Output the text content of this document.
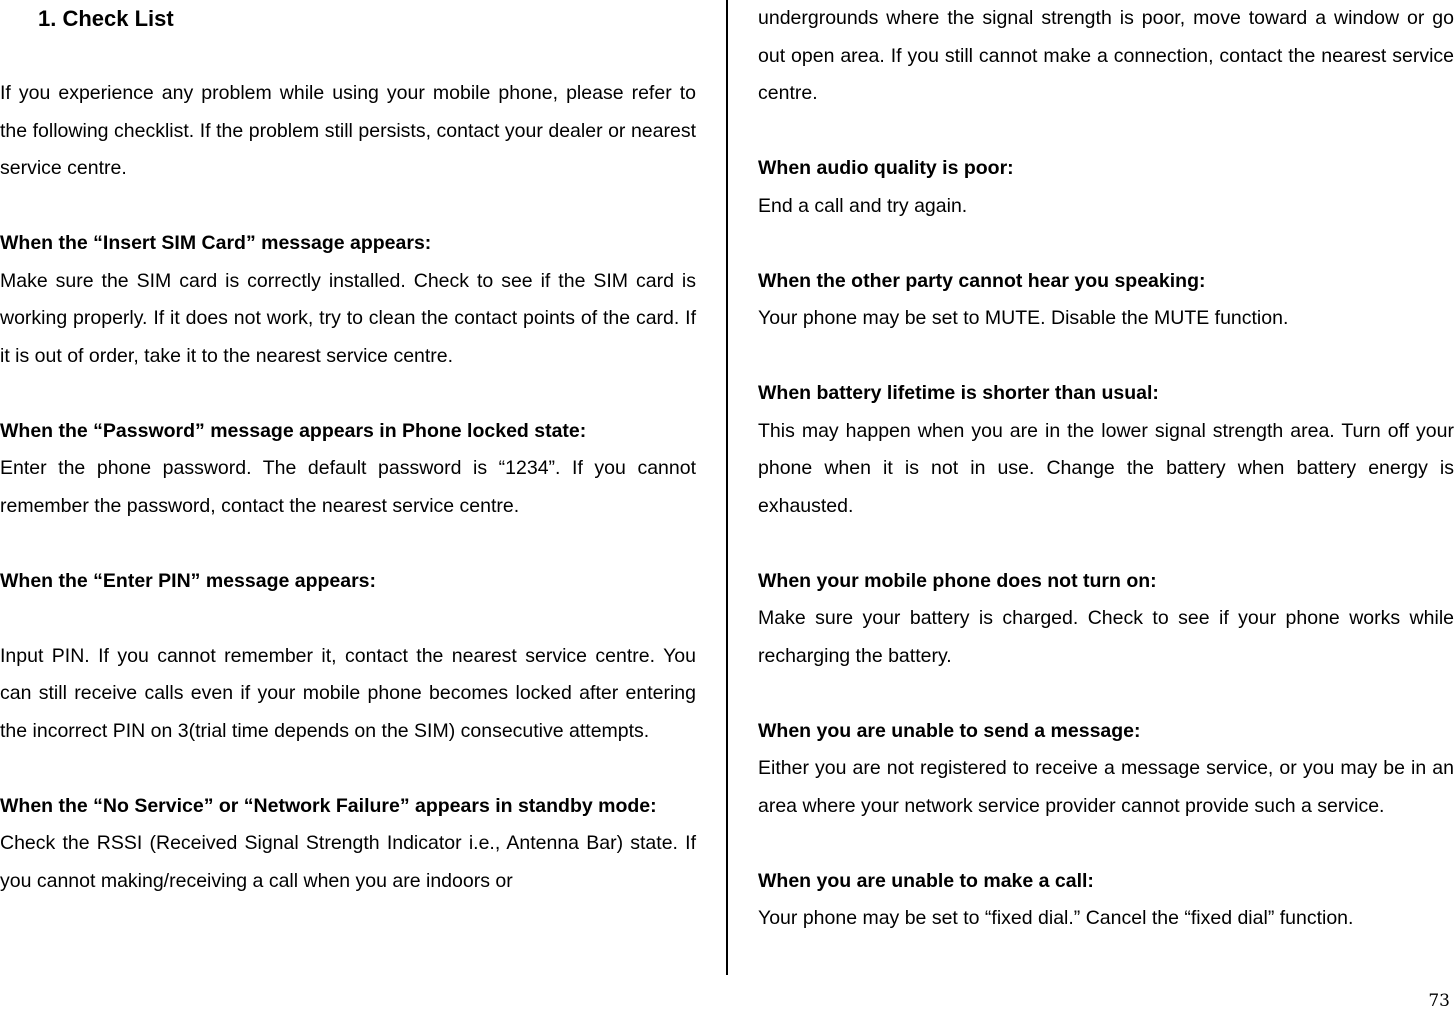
1. Check List

If you experience any problem while using your mobile phone, please refer to the following checklist. If the problem still persists, contact your dealer or nearest service centre.

When the “Insert SIM Card” message appears:

Make sure the SIM card is correctly installed. Check to see if the SIM card is working properly. If it does not work, try to clean the contact points of the card. If it is out of order, take it to the nearest service centre.

When the “Password” message appears in Phone locked state:

Enter the phone password. The default password is “1234”. If you cannot remember the password, contact the nearest service centre.

When the “Enter PIN” message appears:

Input PIN. If you cannot remember it, contact the nearest service centre. You can still receive calls even if your mobile phone becomes locked after entering the incorrect PIN on 3(trial time depends on the SIM) consecutive attempts.

When the “No Service” or “Network Failure” appears in standby mode:

Check the RSSI (Received Signal Strength Indicator i.e., Antenna Bar) state. If you cannot making/receiving a call when you are indoors or

undergrounds where the signal strength is poor, move toward a window or go out open area. If you still cannot make a connection, contact the nearest service centre.

When audio quality is poor:

End a call and try again.

When the other party cannot hear you speaking:

Your phone may be set to MUTE. Disable the MUTE function.

When battery lifetime is shorter than usual:

This may happen when you are in the lower signal strength area. Turn off your phone when it is not in use. Change the battery when battery energy is exhausted.

When your mobile phone does not turn on:

Make sure your battery is charged. Check to see if your phone works while recharging the battery.

When you are unable to send a message:

Either you are not registered to receive a message service, or you may be in an area where your network service provider cannot provide such a service.

When you are unable to make a call:

Your phone may be set to “fixed dial.” Cancel the “fixed dial” function.

73
